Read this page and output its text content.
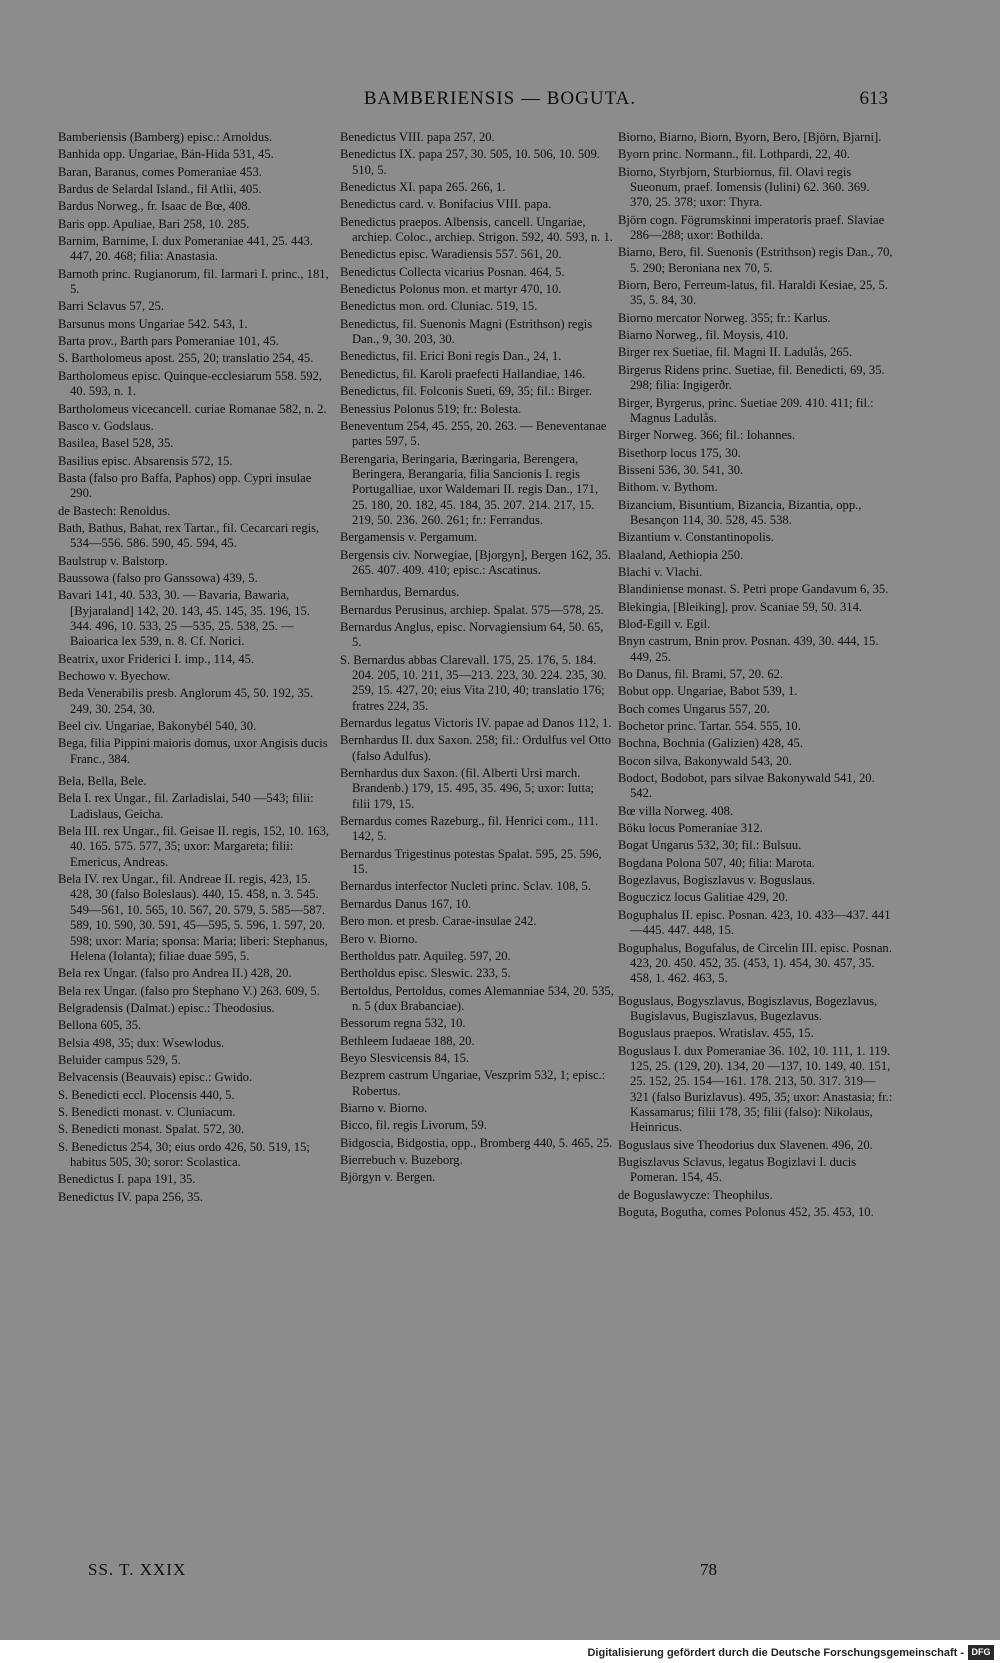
BAMBERIENSIS — BOGUTA.	613

Bamberiensis (Bamberg) episc.: Arnoldus.

Banhida opp. Ungariae, Bán-Hida 531, 45.

Baran, Baranus, comes Pomeraniae 453.

Bardus de Selardal Island., fil Atlii, 405.

Bardus Norweg., fr. Isaac de Bœ, 408.

Baris opp. Apuliae, Bari 258, 10. 285.

Barnim, Barnime, I. dux Pomeraniae 441, 25. 443. 447, 20. 468; filia: Anastasia.

Barnoth princ. Rugianorum, fil. Iarmari I. princ., 181, 5.

Barri Sclavus 57, 25.

Barsunus mons Ungariae 542. 543, 1.

Barta prov., Barth pars Pomeraniae 101, 45.

S. Bartholomeus apost. 255, 20; translatio 254, 45.

Bartholomeus episc. Quinque-ecclesiarum 558. 592, 40. 593, n. 1.

Bartholomeus vicecancell. curiae Romanae 582, n. 2.

Basco v. Godslaus.

Basilea, Basel 528, 35.

Basilius episc. Absarensis 572, 15.

Basta (falso pro Baffa, Paphos) opp. Cypri insulae 290.

de Bastech: Renoldus.

Bath, Bathus, Bahat, rex Tartar., fil. Cecarcari regis, 534—556. 586. 590, 45. 594, 45.

Baulstrup v. Balstorp.

Baussowa (falso pro Ganssowa) 439, 5.

Bavari 141, 40. 533, 30. — Bavaria, Bawaria, [Byjaraland] 142, 20. 143, 45. 145, 35. 196, 15. 344. 496, 10. 533, 25 —535, 25. 538, 25. — Baioarica lex 539, n. 8. Cf. Norici.

Beatrix, uxor Friderici I. imp., 114, 45.

Bechowo v. Byechow.

Beda Venerabilis presb. Anglorum 45, 50. 192, 35. 249, 30. 254, 30.

Beel civ. Ungariae, Bakonybél 540, 30.

Bega, filia Pippini maioris domus, uxor Angisis ducis Franc., 384.

Bela, Bella, Bele.

Bela I. rex Ungar., fil. Zarladislai, 540 —543; filii: Ladislaus, Geicha.

Bela III. rex Ungar., fil. Geisae II. regis, 152, 10. 163, 40. 165. 575. 577, 35; uxor: Margareta; filii: Emericus, Andreas.

Bela IV. rex Ungar., fil. Andreae II. regis, 423, 15. 428, 30 (falso Boleslaus). 440, 15. 458, n. 3. 545. 549—561, 10. 565, 10. 567, 20. 579, 5. 585—587. 589, 10. 590, 30. 591, 45—595, 5. 596, 1. 597, 20. 598; uxor: Maria; sponsa: Maria; liberi: Stephanus, Helena (Iolanta); filiae duae 595, 5.

Bela rex Ungar. (falso pro Andrea II.) 428, 20.

Bela rex Ungar. (falso pro Stephano V.) 263. 609, 5.

Belgradensis (Dalmat.) episc.: Theodosius.

Bellona 605, 35.

Belsia 498, 35; dux: Wsewlodus.

Beluider campus 529, 5.

Belvacensis (Beauvais) episc.: Gwido.

S. Benedicti eccl. Plocensis 440, 5.

S. Benedicti monast. v. Cluniacum.

S. Benedicti monast. Spalat. 572, 30.

S. Benedictus 254, 30; eius ordo 426, 50. 519, 15; habitus 505, 30; soror: Scolastica.

Benedictus I. papa 191, 35.

Benedictus IV. papa 256, 35.

Benedictus VIII. papa 257, 20.

Benedictus IX. papa 257, 30. 505, 10. 506, 10. 509. 510, 5.

Benedictus XI. papa 265. 266, 1.

Benedictus card. v. Bonifacius VIII. papa.

Benedictus praepos. Albensis, cancell. Ungariae, archiep. Coloc., archiep. Strigon. 592, 40. 593, n. 1.

Benedictus episc. Waradiensis 557. 561, 20.

Benedictus Collecta vicarius Posnan. 464, 5.

Benedictus Polonus mon. et martyr 470, 10.

Benedictus mon. ord. Cluniac. 519, 15.

Benedictus, fil. Suenonis Magni (Estrithson) regis Dan., 9, 30. 203, 30.

Benedictus, fil. Erici Boni regis Dan., 24, 1.

Benedictus, fil. Karoli praefecti Hallandiae, 146.

Benedictus, fil. Folconis Sueti, 69, 35; fil.: Birger.

Benessius Polonus 519; fr.: Bolesta.

Beneventum 254, 45. 255, 20. 263. — Beneventanae partes 597, 5.

Berengaria, Beringaria, Bæringaria, Berengera, Beringera, Berangaria, filia Sancionis I. regis Portugalliae, uxor Waldemari II. regis Dan., 171, 25. 180, 20. 182, 45. 184, 35. 207. 214. 217, 15. 219, 50. 236. 260. 261; fr.: Ferrandus.

Bergamensis v. Pergamum.

Bergensis civ. Norwegiae, [Bjorgyn], Bergen 162, 35. 265. 407. 409. 410; episc.: Ascatinus.

Bernhardus, Bernardus.

Bernardus Perusinus, archiep. Spalat. 575—578, 25.

Bernardus Anglus, episc. Norvagiensium 64, 50. 65, 5.

S. Bernardus abbas Clarevall. 175, 25. 176, 5. 184. 204. 205, 10. 211, 35—213. 223, 30. 224. 235, 30. 259, 15. 427, 20; eius Vita 210, 40; translatio 176; fratres 224, 35.

Bernardus legatus Victoris IV. papae ad Danos 112, 1.

Bernhardus II. dux Saxon. 258; fil.: Ordulfus vel Otto (falso Adulfus).

Bernhardus dux Saxon. (fil. Alberti Ursi march. Brandenb.) 179, 15. 495, 35. 496, 5; uxor: Iutta; filii 179, 15.

Bernardus comes Razeburg., fil. Henrici com., 111. 142, 5.

Bernardus Trigestinus potestas Spalat. 595, 25. 596, 15.

Bernardus interfector Nucleti princ. Sclav. 108, 5.

Bernardus Danus 167, 10.

Bero mon. et presb. Carae-insulae 242.

Bero v. Biorno.

Bertholdus patr. Aquileg. 597, 20.

Bertholdus episc. Sleswic. 233, 5.

Bertoldus, Pertoldus, comes Alemanniae 534, 20. 535, n. 5 (dux Brabanciae).

Bessorum regna 532, 10.

Bethleem Iudaeae 188, 20.

Beyo Slesvicensis 84, 15.

Bezprem castrum Ungariae, Veszprim 532, 1; episc.: Robertus.

Biarno v. Biorno.

Bicco, fil. regis Livorum, 59.

Bidgoscia, Bidgostia, opp., Bromberg 440, 5. 465, 25.

Bierrebuch v. Buzeborg.

Björgyn v. Bergen.

Biorno, Biarno, Biorn, Byorn, Bero, [Björn, Bjarni].

Byorn princ. Normann., fil. Lothpardi, 22, 40.

Biorno, Styrbjorn, Sturbiornus, fil. Olavi regis Sueonum, praef. Iomensis (Iulini) 62. 360. 369. 370, 25. 378; uxor: Thyra.

Björn cogn. Fögrumskinni imperatoris praef. Slaviae 286—288; uxor: Bothilda.

Biarno, Bero, fil. Suenonis (Estrithson) regis Dan., 70, 5. 290; Beroniana nex 70, 5.

Biorn, Bero, Ferreum-latus, fil. Haraldi Kesiae, 25, 5. 35, 5. 84, 30.

Biorno mercator Norweg. 355; fr.: Karlus.

Biarno Norweg., fil. Moysis, 410.

Birger rex Suetiae, fil. Magni II. Ladulås, 265.

Birgerus Ridens princ. Suetiae, fil. Benedicti, 69, 35. 298; filia: Ingigerðr.

Birger, Byrgerus, princ. Suetiae 209. 410. 411; fil.: Magnus Ladulås.

Birger Norweg. 366; fil.: Iohannes.

Bisethorp locus 175, 30.

Bisseni 536, 30. 541, 30.

Bithom. v. Bythom.

Bizancium, Bisuntium, Bizancia, Bizantia, opp., Besançon 114, 30. 528, 45. 538.

Bizantium v. Constantinopolis.

Blaaland, Aethiopia 250.

Blachi v. Vlachi.

Blandiniense monast. S. Petri prope Gandavum 6, 35.

Blekingia, [Bleiking], prov. Scaniae 59, 50. 314.

Blođ-Egill v. Egil.

Bnyn castrum, Bnin prov. Posnan. 439, 30. 444, 15. 449, 25.

Bo Danus, fil. Brami, 57, 20. 62.

Bobut opp. Ungariae, Babot 539, 1.

Boch comes Ungarus 557, 20.

Bochetor princ. Tartar. 554. 555, 10.

Bochna, Bochnia (Galizien) 428, 45.

Bocon silva, Bakonywald 543, 20.

Bodoct, Bodobot, pars silvae Bakonywald 541, 20. 542.

Bœ villa Norweg. 408.

Böku locus Pomeraniae 312.

Bogat Ungarus 532, 30; fil.: Bulsuu.

Bogdana Polona 507, 40; filia: Marota.

Bogezlavus, Bogiszlavus v. Boguslaus.

Boguczicz locus Galitiae 429, 20.

Boguphalus II. episc. Posnan. 423, 10. 433—437. 441—445. 447. 448, 15.

Boguphalus, Bogufalus, de Circelin III. episc. Posnan. 423, 20. 450. 452, 35. (453, 1). 454, 30. 457, 35. 458, 1. 462. 463, 5.

Boguslaus, Bogyszlavus, Bogiszlavus, Bogezlavus, Bugislavus, Bugiszlavus, Bugezlavus.

Boguslaus praepos. Wratislav. 455, 15.

Boguslaus I. dux Pomeraniae 36. 102, 10. 111, 1. 119. 125, 25. (129, 20). 134, 20 —137, 10. 149, 40. 151, 25. 152, 25. 154—161. 178. 213, 50. 317. 319—321 (falso Burizlavus). 495, 35; uxor: Anastasia; fr.: Kassamarus; filii 178, 35; filii (falso): Nikolaus, Heinricus.

Boguslaus sive Theodorius dux Slavenen. 496, 20.

Bugiszlavus Sclavus, legatus Bogizlavi I. ducis Pomeran. 154, 45.

de Boguslawycze: Theophilus.

Boguta, Bogutha, comes Polonus 452, 35. 453, 10.

SS. T. XXIX	78
Digitalisierung gefördert durch die Deutsche Forschungsgemeinschaft - DFG
